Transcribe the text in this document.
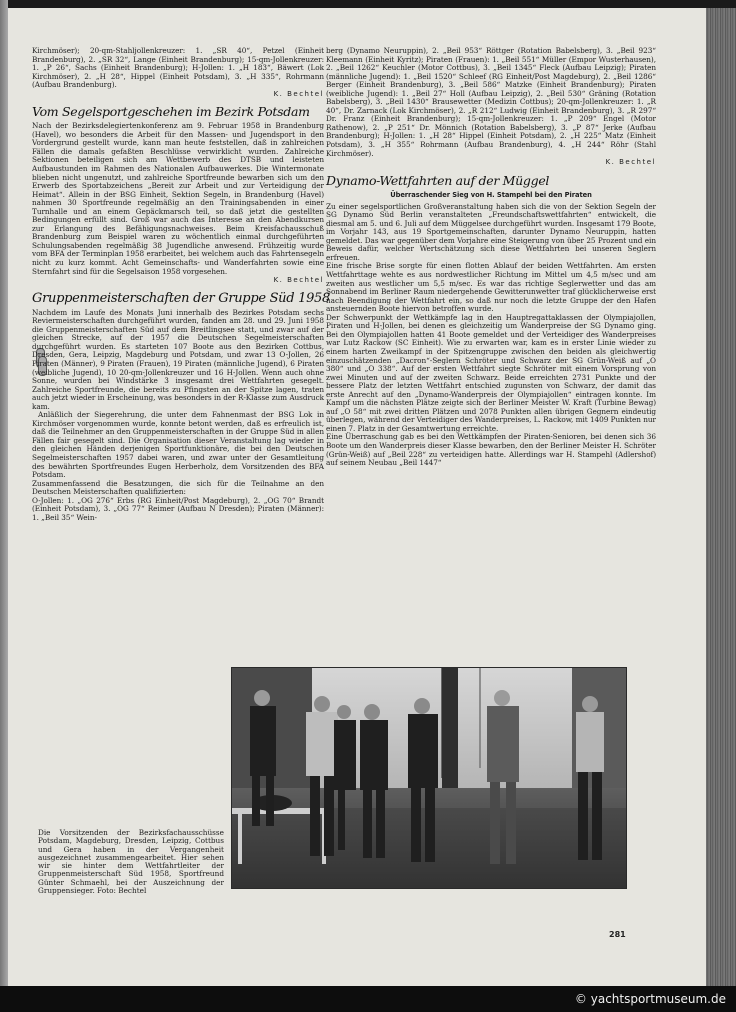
Kirchmöser); 20-qm-Stahljollenkreuzer: 1. „SR 40“, Petzel (Einheit Brandenburg), 2. „SR 32“, Lange (Einheit Brandenburg); 15-qm-Jollenkreuzer: 1. „P 26“, Sachs (Einheit Brandenburg); H-Jollen: 1. „H 183“, Bäwert (Lok Kirchmöser), 2. „H 28“, Hippel (Einheit Potsdam), 3. „H 335“, Rohrmann (Aufbau Brandenburg).

K. Bechtel
Vom Segelsportgeschehen im Bezirk Potsdam

Nach der Bezirksdelegiertenkonferenz am 9. Februar 1958 in Brandenburg (Havel), wo besonders die Arbeit für den Massen- und Jugendsport in den Vordergrund gestellt wurde, kann man heute feststellen, daß in zahlreichen Fällen die damals gefaßten Beschlüsse verwirklicht wurden. Zahlreiche Sektionen beteiligen sich am Wettbewerb des DTSB und leisteten Aufbaustunden im Rahmen des Nationalen Aufbauwerkes. Die Wintermonate blieben nicht ungenutzt, und zahlreiche Sportfreunde bewarben sich um den Erwerb des Sportabzeichens „Bereit zur Arbeit und zur Verteidigung der Heimat“. Allein in der BSG Einheit, Sektion Segeln, in Brandenburg (Havel) nahmen 30 Sportfreunde regelmäßig an den Trainingsabenden in einer Turnhalle und an einem Gepäckmarsch teil, so daß jetzt die gestellten Bedingungen erfüllt sind. Groß war auch das Interesse an den Abendkursen zur Erlangung des Befähigungsnachweises. Beim Kreisfachausschuß Brandenburg zum Beispiel waren zu wöchentlich einmal durchgeführten Schulungsabenden regelmäßig 38 Jugendliche anwesend. Frühzeitig wurde vom BFA der Terminplan 1958 erarbeitet, bei welchem auch das Fahrtensegeln nicht zu kurz kommt. Acht Gemeinschafts- und Wanderfahrten sowie eine Sternfahrt sind für die Segelsaison 1958 vorgesehen.

K. Bechtel
Gruppenmeisterschaften der Gruppe Süd 1958

Nachdem im Laufe des Monats Juni innerhalb des Bezirkes Potsdam sechs Reviermeisterschaften durchgeführt wurden, fanden am 28. und 29. Juni 1958 die Gruppenmeisterschaften Süd auf dem Breitlingsee statt, und zwar auf der gleichen Strecke, auf der 1957 die Deutschen Segelmeisterschaften durchgeführt wurden. Es starteten 107 Boote aus den Bezirken Cottbus, Dresden, Gera, Leipzig, Magdeburg und Potsdam, und zwar 13 O-Jollen, 26 Piraten (Männer), 9 Piraten (Frauen), 19 Piraten (männliche Jugend), 6 Piraten (weibliche Jugend), 10 20-qm-Jollenkreuzer und 16 H-Jollen. Wenn auch ohne Sonne, wurden bei Windstärke 3 insgesamt drei Wettfahrten gesegelt. Zahlreiche Sportfreunde, die bereits zu Pfingsten an der Spitze lagen, traten auch jetzt wieder in Erscheinung, was besonders in der R-Klasse zum Ausdruck kam.

Anläßlich der Siegerehrung, die unter dem Fahnenmast der BSG Lok in Kirchmöser vorgenommen wurde, konnte betont werden, daß es erfreulich ist, daß die Teilnehmer an den Gruppenmeisterschaften in der Gruppe Süd in allen Fällen fair gesegelt sind. Die Organisation dieser Veranstaltung lag wieder in den gleichen Händen derjenigen Sportfunktionäre, die bei den Deutschen Segelmeisterschaften 1957 dabei waren, und zwar unter der Gesamtleitung des bewährten Sportfreundes Eugen Herberholz, dem Vorsitzenden des BFA Potsdam.

Zusammenfassend die Besatzungen, die sich für die Teilnahme an den Deutschen Meisterschaften qualifizierten:

O-Jollen: 1. „OG 276“ Erbs (RG Einheit/Post Magdeburg), 2. „OG 70“ Brandt (Einheit Potsdam), 3. „OG 77“ Reimer (Aufbau N Dresden); Piraten (Männer): 1. „Beil 35“ Wein-

berg (Dynamo Neuruppin), 2. „Beil 953“ Röttger (Rotation Babelsberg), 3. „Beil 923“ Kleemann (Einheit Kyritz); Piraten (Frauen): 1. „Beil 551“ Müller (Empor Wusterhausen), 2. „Beil 1262“ Keuchler (Motor Cottbus), 3. „Beil 1345“ Fleck (Aufbau Leipzig); Piraten (männliche Jugend): 1. „Beil 1520“ Schleef (RG Einheit/Post Magdeburg), 2. „Beil 1286“ Berger (Einheit Brandenburg), 3. „Beil 586“ Matzke (Einheit Brandenburg); Piraten (weibliche Jugend): 1. „Beil 27“ Holl (Aufbau Leipzig), 2. „Beil 530“ Gräning (Rotation Babelsberg), 3. „Beil 1430“ Brausewetter (Medizin Cottbus); 20-qm-Jollenkreuzer: 1. „R 40“, Dr. Zarnack (Lok Kirchmöser), 2. „R 212“ Ludwig (Einheit Brandenburg), 3. „R 297“ Dr. Franz (Einheit Brandenburg); 15-qm-Jollenkreuzer: 1. „P 209“ Engel (Motor Rathenow), 2. „P 251“ Dr. Mönnich (Rotation Babelsberg), 3. „P 87“ Jerke (Aufbau Brandenburg); H-Jollen: 1. „H 28“ Hippel (Einheit Potsdam), 2. „H 225“ Matz (Einheit Potsdam), 3. „H 355“ Rohrmann (Aufbau Brandenburg), 4. „H 244“ Röhr (Stahl Kirchmöser).

K. Bechtel
Dynamo-Wettfahrten auf der Müggel
Überraschender Sieg von H. Stampehl bei den Piraten

Zu einer segelsportlichen Großveranstaltung haben sich die von der Sektion Segeln der SG Dynamo Süd Berlin veranstalteten „Freundschaftswettfahrten“ entwickelt, die diesmal am 5. und 6. Juli auf dem Müggelsee durchgeführt wurden. Insgesamt 179 Boote, im Vorjahr 143, aus 19 Sportgemeinschaften, darunter Dynamo Neuruppin, hatten gemeldet. Das war gegenüber dem Vorjahre eine Steigerung von über 25 Prozent und ein Beweis dafür, welcher Wertschätzung sich diese Wettfahrten bei unseren Seglern erfreuen.

Eine frische Brise sorgte für einen flotten Ablauf der beiden Wettfahrten. Am ersten Wettfahrttage wehte es aus nordwestlicher Richtung im Mittel um 4,5 m/sec und am zweiten aus westlicher um 5,5 m/sec. Es war das richtige Seglerwetter und das am Sonnabend im Berliner Raum niedergehende Gewitterunwetter traf glücklicherweise erst nach Beendigung der Wettfahrt ein, so daß nur noch die letzte Gruppe der den Hafen ansteuernden Boote hiervon betroffen wurde.

Der Schwerpunkt der Wettkämpfe lag in den Hauptregattaklassen der Olympiajollen, Piraten und H-Jollen, bei denen es gleichzeitig um Wanderpreise der SG Dynamo ging. Bei den Olympiajollen hatten 41 Boote gemeldet und der Verteidiger des Wanderpreises war Lutz Rackow (SC Einheit). Wie zu erwarten war, kam es in erster Linie wieder zu einem harten Zweikampf in der Spitzengruppe zwischen den beiden als gleichwertig einzuschätzenden „Dacron“-Seglern Schröter und Schwarz der SG Grün-Weiß auf „O 380“ und „O 338“. Auf der ersten Wettfahrt siegte Schröter mit einem Vorsprung von zwei Minuten und auf der zweiten Schwarz. Beide erreichten 2731 Punkte und der bessere Platz der letzten Wettfahrt entschied zugunsten von Schwarz, der damit das erste Anrecht auf den „Dynamo-Wanderpreis der Olympiajollen“ eintragen konnte. Im Kampf um die nächsten Plätze zeigte sich der Berliner Meister W. Kraft (Turbine Bewag) auf „O 58“ mit zwei dritten Plätzen und 2078 Punkten allen übrigen Gegnern eindeutig überlegen, während der Verteidiger des Wanderpreises, L. Rackow, mit 1409 Punkten nur einen 7. Platz in der Gesamtwertung erreichte.

Eine Überraschung gab es bei den Wettkämpfen der Piraten-Senioren, bei denen sich 36 Boote um den Wanderpreis dieser Klasse bewarben, den der Berliner Meister H. Schröter (Grün-Weiß) auf „Beil 228“ zu verteidigen hatte. Allerdings war H. Stampehl (Adlershof) auf seinem Neubau „Beil 1447“

Die Vorsitzenden der Bezirksfachausschüsse Potsdam, Magdeburg, Dresden, Leipzig, Cottbus und Gera haben in der Vergangenheit ausgezeichnet zusammengearbeitet. Hier sehen wir sie hinter dem Wettfahrtleiter der Gruppenmeisterschaft Süd 1958, Sportfreund Günter Schmaehl, bei der Auszeichnung der Gruppensieger. Foto: Bechtel
281
© yachtsportmuseum.de
